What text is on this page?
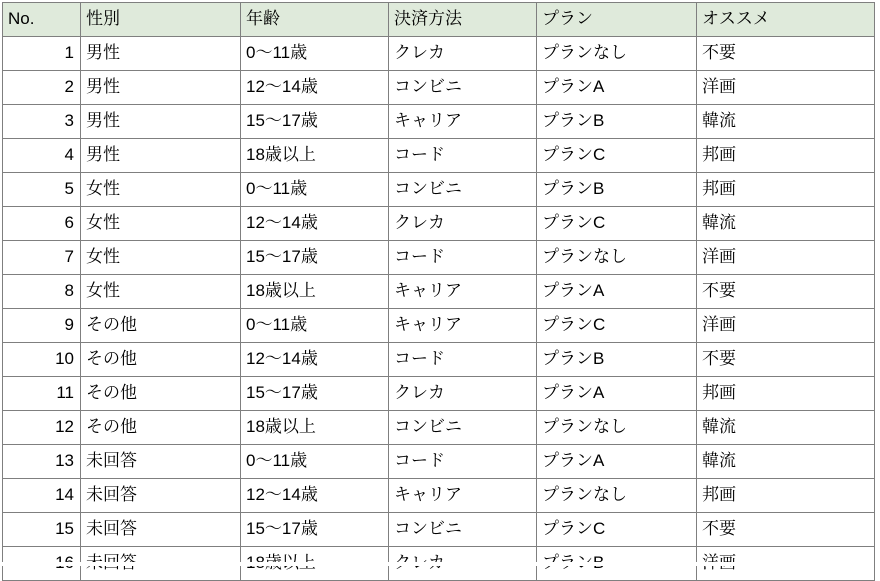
No.	性別	年齢	決済方法	プラン	オススメ
1	男性	0〜11歳	クレカ	プランなし	不要
2	男性	12〜14歳	コンビニ	プランA	洋画
3	男性	15〜17歳	キャリア	プランB	韓流
4	男性	18歳以上	コード	プランC	邦画
5	女性	0〜11歳	コンビニ	プランB	邦画
6	女性	12〜14歳	クレカ	プランC	韓流
7	女性	15〜17歳	コード	プランなし	洋画
8	女性	18歳以上	キャリア	プランA	不要
9	その他	0〜11歳	キャリア	プランC	洋画
10	その他	12〜14歳	コード	プランB	不要
11	その他	15〜17歳	クレカ	プランA	邦画
12	その他	18歳以上	コンビニ	プランなし	韓流
13	未回答	0〜11歳	コード	プランA	韓流
14	未回答	12〜14歳	キャリア	プランなし	邦画
15	未回答	15〜17歳	コンビニ	プランC	不要
